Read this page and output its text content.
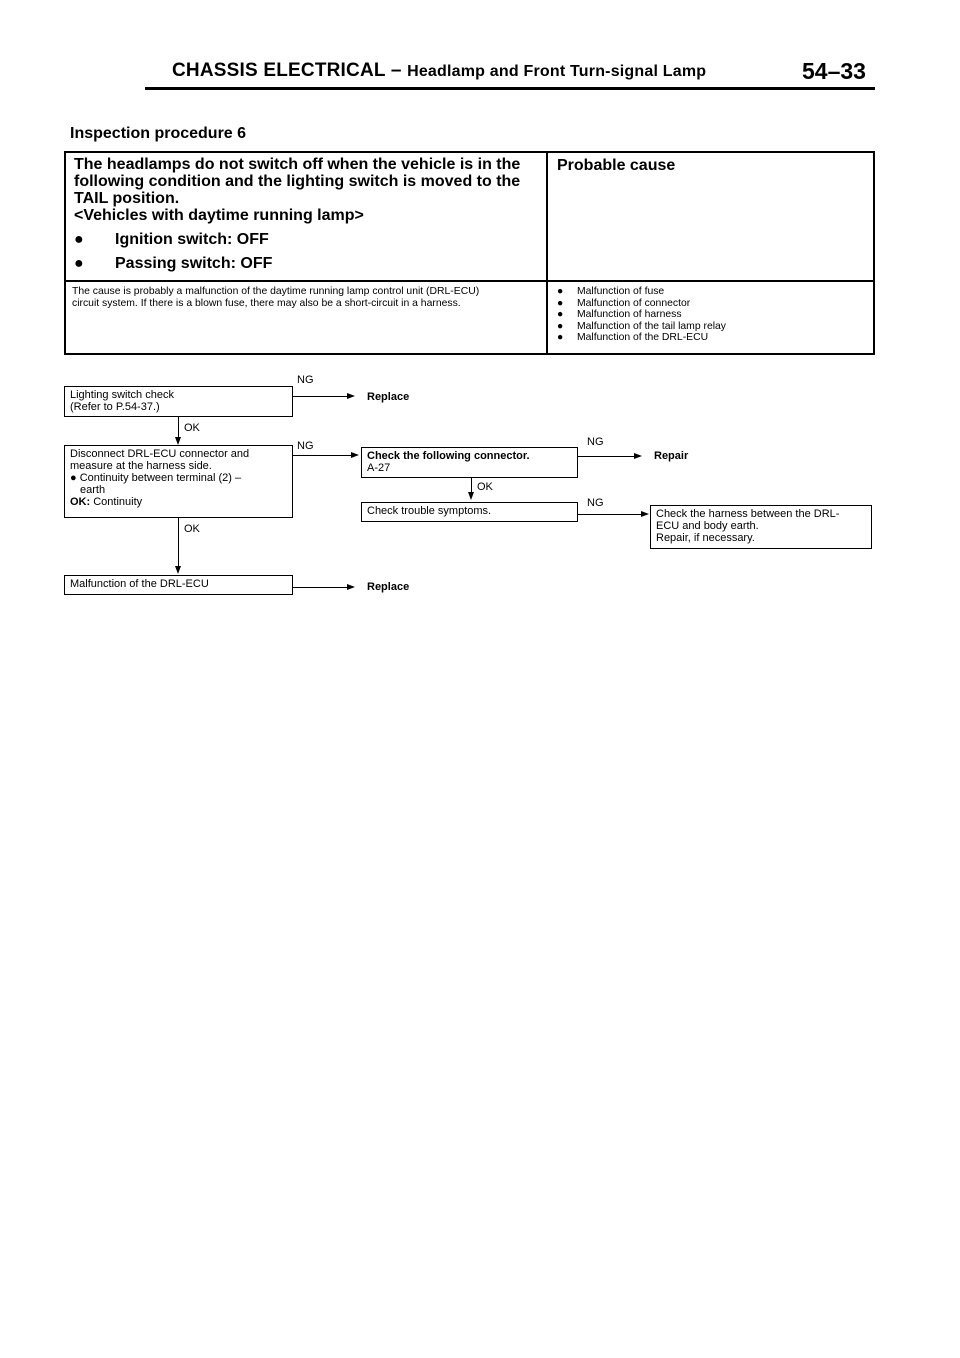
CHASSIS ELECTRICAL – Headlamp and Front Turn-signal Lamp	54–33
Inspection procedure 6
The headlamps do not switch off when the vehicle is in the
following condition and the lighting switch is moved to the
TAIL position.
<Vehicles with daytime running lamp>
● Ignition switch: OFF
● Passing switch: OFF
Probable cause
The cause is probably a malfunction of the daytime running lamp control unit (DRL-ECU)
circuit system. If there is a blown fuse, there may also be a short-circuit in a harness.
● Malfunction of fuse
● Malfunction of connector
● Malfunction of harness
● Malfunction of the tail lamp relay
● Malfunction of the DRL-ECU
Lighting switch check
(Refer to P.54-37.)
NG
Replace
OK
Disconnect DRL-ECU connector and
measure at the harness side.
● Continuity between terminal (2) –
earth
OK: Continuity
NG
OK
Check the following connector.
A-27
NG
Repair
OK
Check trouble symptoms.
NG
Check the harness between the DRL-
ECU and body earth.
Repair, if necessary.
Malfunction of the DRL-ECU	Replace
